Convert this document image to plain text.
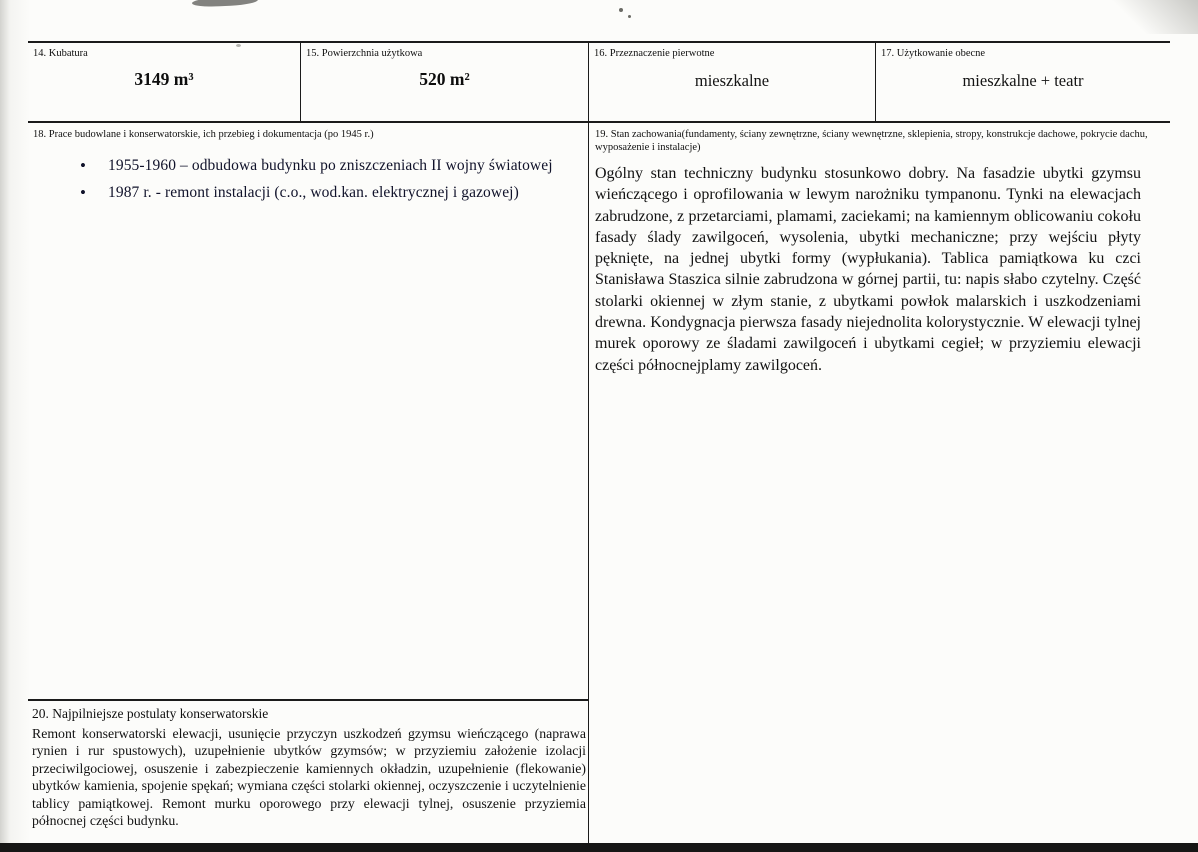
14. Kubatura
3149 m³
15. Powierzchnia użytkowa
520 m²
16. Przeznaczenie pierwotne
mieszkalne
17. Użytkowanie obecne
mieszkalne + teatr
18. Prace budowlane i konserwatorskie, ich przebieg i dokumentacja (po 1945 r.)
• 1955-1960 – odbudowa budynku po zniszczeniach II wojny światowej
• 1987 r. - remont instalacji (c.o., wod.kan. elektrycznej i gazowej)
19. Stan zachowania(fundamenty, ściany zewnętrzne, ściany wewnętrzne, sklepienia, stropy, konstrukcje dachowe, pokrycie dachu, wyposażenie i instalacje)
Ogólny stan techniczny budynku stosunkowo dobry. Na fasadzie ubytki gzymsu wieńczącego i oprofilowania w lewym narożniku tympanonu. Tynki na elewacjach zabrudzone, z przetarciami, plamami, zaciekami; na kamiennym oblicowaniu cokołu fasady ślady zawilgoceń, wysolenia, ubytki mechaniczne; przy wejściu płyty pęknięte, na jednej ubytki formy (wypłukania). Tablica pamiątkowa ku czci Stanisława Staszica silnie zabrudzona w górnej partii, tu: napis słabo czytelny. Część stolarki okiennej w złym stanie, z ubytkami powłok malarskich i uszkodzeniami drewna. Kondygnacja pierwsza fasady niejednolita kolorystycznie. W elewacji tylnej murek oporowy ze śladami zawilgoceń i ubytkami cegieł; w przyziemiu elewacji części północnejplamy zawilgoceń.
20. Najpilniejsze postulaty konserwatorskie
Remont konserwatorski elewacji, usunięcie przyczyn uszkodzeń gzymsu wieńczącego (naprawa rynien i rur spustowych), uzupełnienie ubytków gzymsów; w przyziemiu założenie izolacji przeciwilgociowej, osuszenie i zabezpieczenie kamiennych okładzin, uzupełnienie (flekowanie) ubytków kamienia, spojenie spękań; wymiana części stolarki okiennej, oczyszczenie i uczytelnienie tablicy pamiątkowej. Remont murku oporowego przy elewacji tylnej, osuszenie przyziemia północnej części budynku.
